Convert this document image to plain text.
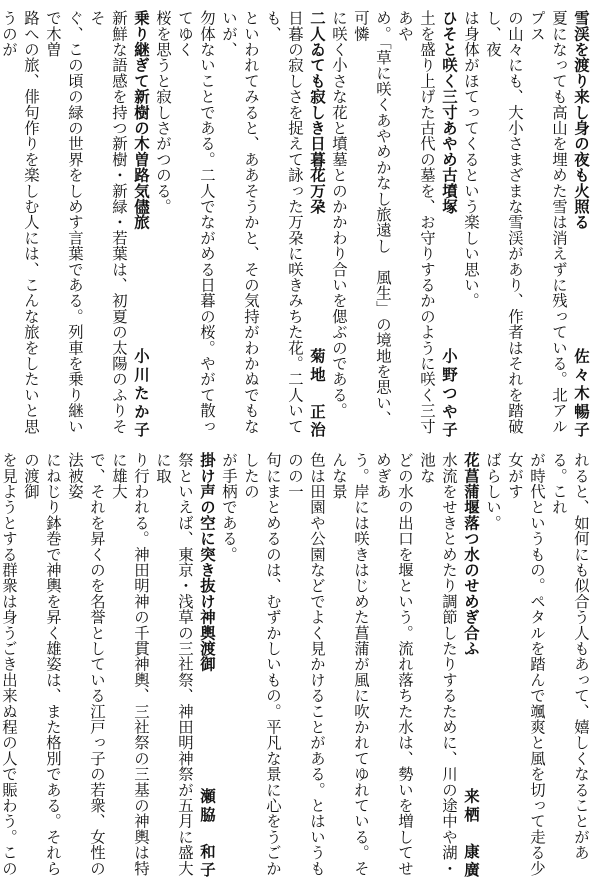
雪渓を渡り来し身の夜も火照る
夏になっても高山を埋めた雪は消えずに残っている。北アルプス
の山々にも、大小さまざまな雪渓があり、作者はそれを踏破し、夜
は身体がほてってくるという楽しい思い。
ひそと咲く三寸あやめ古墳塚
土を盛り上げた古代の墓を、お守りするかのように咲く三寸あや
め。「草に咲くあやめかなし旅遠し　風生」の境地を思い、可憐
に咲く小さな花と墳墓とのかかわり合いを偲ぶのである。
二人ゐても寂しき日暮花万朶
日暮の寂しさを捉えて詠った万朶に咲きみちた花。二人いても、
といわれてみると、ああそうかと、その気持がわかぬでもないが、
勿体ないことである。二人でながめる日暮の桜。やがて散ってゆく
桜を思うと寂しさがつのる。
乗り継ぎて新樹の木曽路気儘旅
新鮮な語感を持つ新樹・新緑・若葉は、初夏の太陽のふりそそ
ぐ、この頃の緑の世界をしめす言葉である。列車を乗り継いで木曽
路への旅、俳句作りを楽しむ人には、こんな旅をしたいと思うのが
れると、如何にも似合う人もあって、嬉しくなることがある。これ
が時代というもの。ペタルを踏んで颯爽と風を切って走る少女がす
ばらしい。
花菖蒲堰落つ水のせめぎ合ふ
水流をせきとめたり調節したりするために、川の途中や湖・池な
どの水の出口を堰という。流れ落ちた水は、勢いを増してせめぎあ
う。岸には咲きはじめた菖蒲が風に吹かれてゆれている。そんな景
色は田園や公園などでよく見かけることがある。とはいうものの一
句にまとめるのは、むずかしいもの。平凡な景に心をうごかしたの
が手柄である。
掛け声の空に突き抜け神輿渡御
祭といえば、東京・浅草の三社祭、神田明神祭が五月に盛大に取
り行われる。神田明神の千貫神輿、三社祭の三基の神輿は特に雄大
で、それを昇くのを名誉としている江戸っ子の若衆、女性の法被姿
にねじり鉢巻で神輿を昇く雄姿は、また格別である。それらの渡御
を見ようとする群衆は身うごき出来ぬ程の人で賑わう。この
佐々木暢子
小野つや子
菊地　正治
小川たか子
来栖　康廣
瀬脇　和子
